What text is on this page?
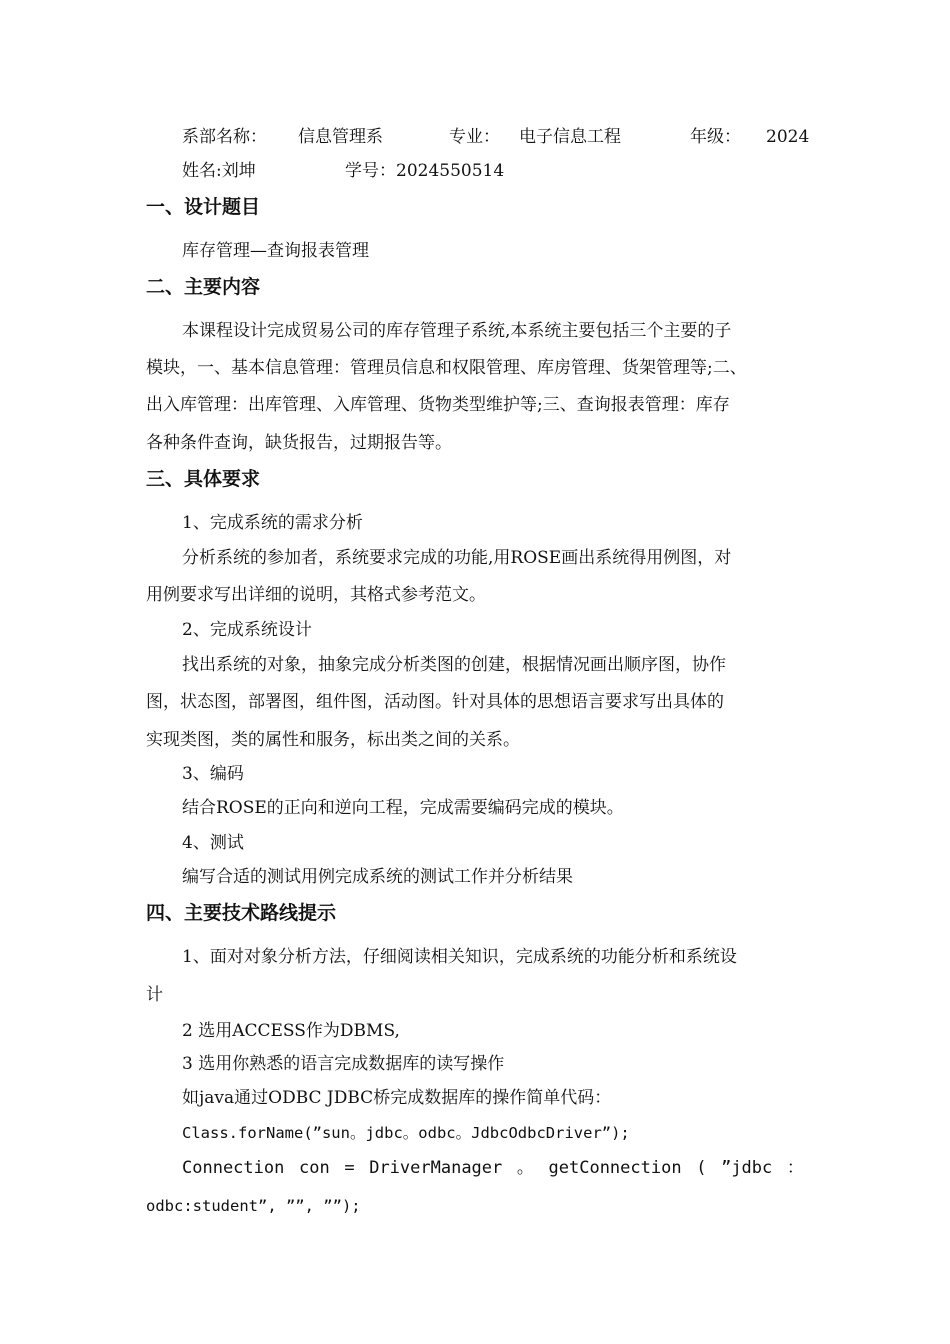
系部名称： 信息管理系	专业： 电子信息工程	年级： 2024
姓名:刘坤	学号：2024550514
一、设计题目
库存管理—查询报表管理
二、主要内容
本课程设计完成贸易公司的库存管理子系统,本系统主要包括三个主要的子
模块，一、基本信息管理：管理员信息和权限管理、库房管理、货架管理等;二、
出入库管理：出库管理、入库管理、货物类型维护等;三、查询报表管理：库存
各种条件查询，缺货报告，过期报告等。
三、具体要求
1、完成系统的需求分析
分析系统的参加者，系统要求完成的功能,用ROSE画出系统得用例图，对
用例要求写出详细的说明，其格式参考范文。
2、完成系统设计
找出系统的对象，抽象完成分析类图的创建，根据情况画出顺序图，协作
图，状态图，部署图，组件图，活动图。针对具体的思想语言要求写出具体的
实现类图，类的属性和服务，标出类之间的关系。
3、编码
结合ROSE的正向和逆向工程，完成需要编码完成的模块。
4、测试
编写合适的测试用例完成系统的测试工作并分析结果
四、主要技术路线提示
1、面对对象分析方法，仔细阅读相关知识，完成系统的功能分析和系统设
计
2 选用ACCESS作为DBMS,
3 选用你熟悉的语言完成数据库的读写操作
如java通过ODBC JDBC桥完成数据库的操作简单代码：
Class.forName(”sun。jdbc。odbc。JdbcOdbcDriver”);
Connection con = DriverManager 。 getConnection ( ”jdbc ：
odbc:student”, ””, ””);
